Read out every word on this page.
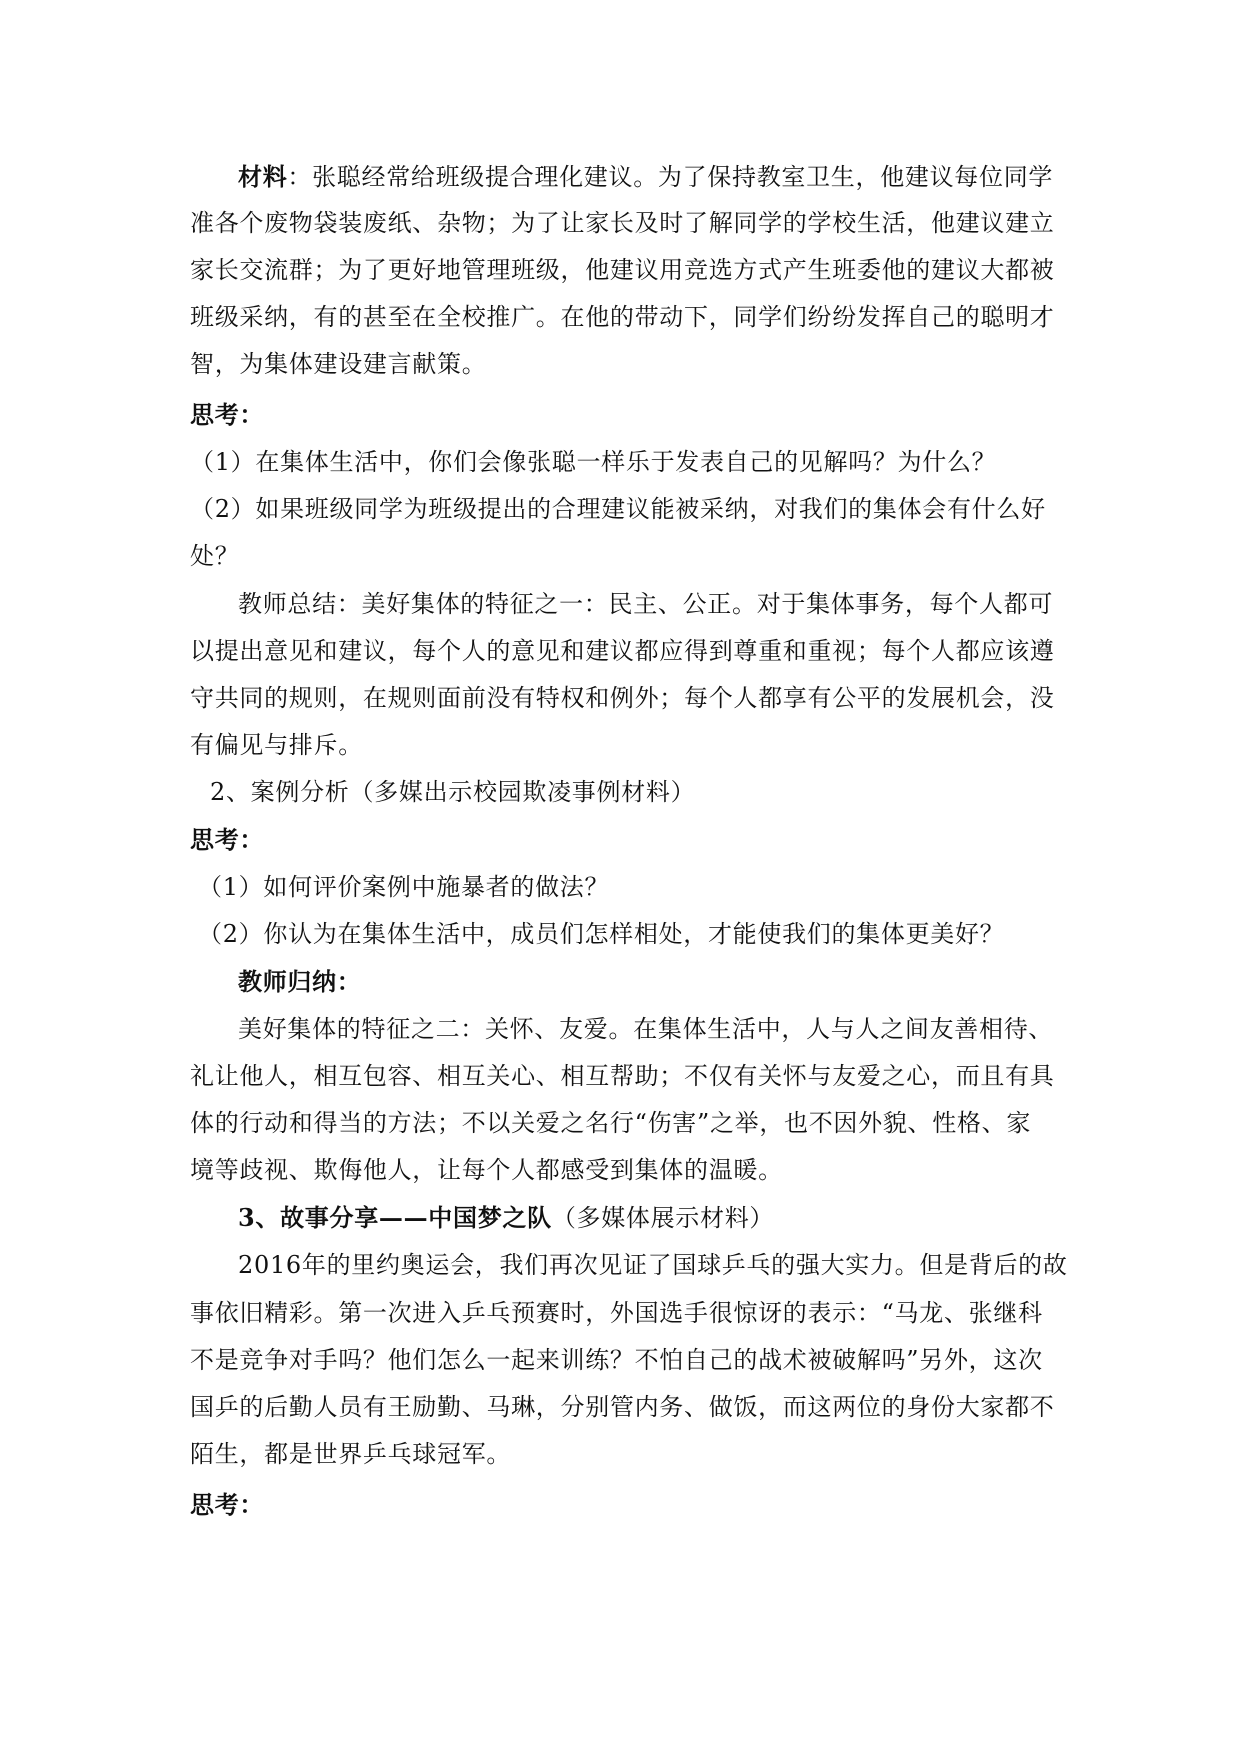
材料：张聪经常给班级提合理化建议。为了保持教室卫生，他建议每位同学

准各个废物袋装废纸、杂物；为了让家长及时了解同学的学校生活，他建议建立

家长交流群；为了更好地管理班级，他建议用竞选方式产生班委他的建议大都被

班级采纳，有的甚至在全校推广。在他的带动下，同学们纷纷发挥自己的聪明才

智，为集体建设建言献策。

思考：

（1）在集体生活中，你们会像张聪一样乐于发表自己的见解吗？为什么？

（2）如果班级同学为班级提出的合理建议能被采纳，对我们的集体会有什么好

处？

教师总结：美好集体的特征之一：民主、公正。对于集体事务，每个人都可

以提出意见和建议，每个人的意见和建议都应得到尊重和重视；每个人都应该遵

守共同的规则，在规则面前没有特权和例外；每个人都享有公平的发展机会，没

有偏见与排斥。

2、案例分析（多媒出示校园欺凌事例材料）

思考：

（1）如何评价案例中施暴者的做法？

（2）你认为在集体生活中，成员们怎样相处，才能使我们的集体更美好？

教师归纳：

美好集体的特征之二：关怀、友爱。在集体生活中，人与人之间友善相待、

礼让他人，相互包容、相互关心、相互帮助；不仅有关怀与友爱之心，而且有具

体的行动和得当的方法；不以关爱之名行“伤害”之举，也不因外貌、性格、家

境等歧视、欺侮他人，让每个人都感受到集体的温暖。

3、故事分享——中国梦之队（多媒体展示材料）

2016年的里约奥运会，我们再次见证了国球乒乓的强大实力。但是背后的故

事依旧精彩。第一次进入乒乓预赛时，外国选手很惊讶的表示：“马龙、张继科

不是竞争对手吗？他们怎么一起来训练？不怕自己的战术被破解吗”另外，这次

国乒的后勤人员有王励勤、马琳，分别管内务、做饭，而这两位的身份大家都不

陌生，都是世界乒乓球冠军。

思考：
